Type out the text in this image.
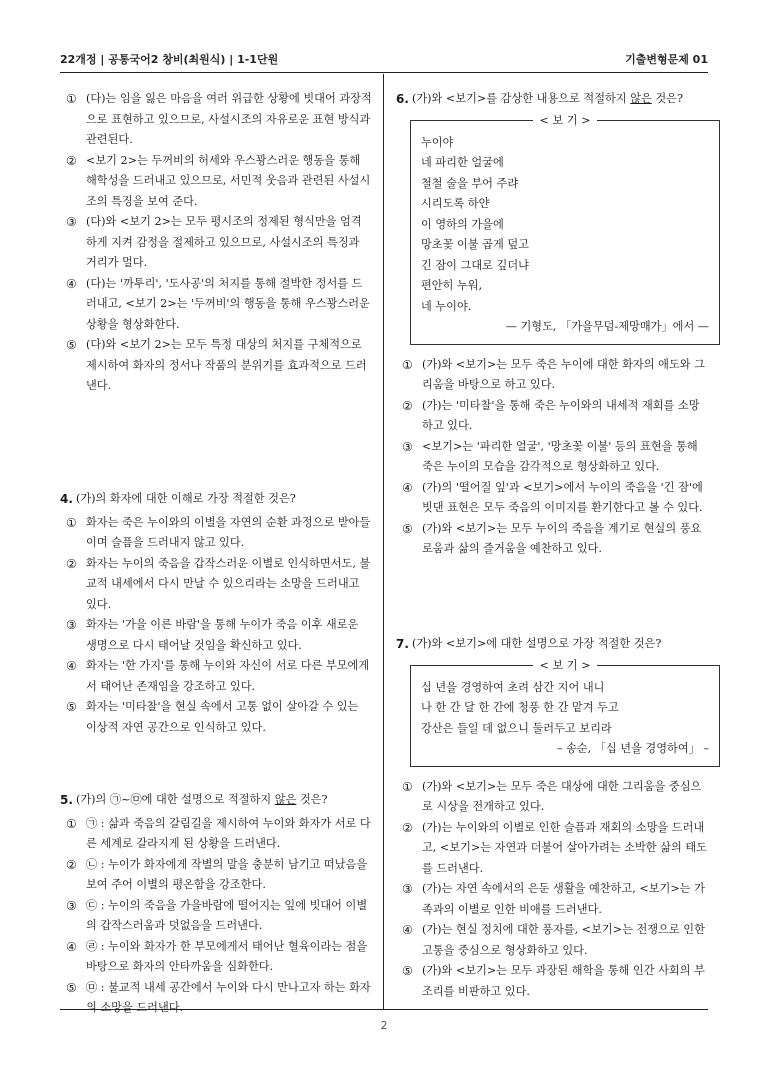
22개정 | 공통국어2 창비(최원식) | 1-1단원	기출변형문제 01
2

① (다)는 임을 잃은 마음을 여러 위급한 상황에 빗대어 과장적으로 표현하고 있으므로, 사설시조의 자유로운 표현 방식과 관련된다.

② <보기 2>는 두꺼비의 허세와 우스꽝스러운 행동을 통해 해학성을 드러내고 있으므로, 서민적 웃음과 관련된 사설시조의 특징을 보여 준다.

③ (다)와 <보기 2>는 모두 평시조의 정제된 형식만을 엄격하게 지켜 감정을 절제하고 있으므로, 사설시조의 특징과 거리가 멀다.

④ (다)는 '까투리', '도사공'의 처지를 통해 절박한 정서를 드러내고, <보기 2>는 '두꺼비'의 행동을 통해 우스꽝스러운 상황을 형상화한다.

⑤ (다)와 <보기 2>는 모두 특정 대상의 처지를 구체적으로 제시하여 화자의 정서나 작품의 분위기를 효과적으로 드러낸다.

4. (가)의 화자에 대한 이해로 가장 적절한 것은?

① 화자는 죽은 누이와의 이별을 자연의 순환 과정으로 받아들이며 슬픔을 드러내지 않고 있다.

② 화자는 누이의 죽음을 갑작스러운 이별로 인식하면서도, 불교적 내세에서 다시 만날 수 있으리라는 소망을 드러내고 있다.

③ 화자는 '가을 이른 바람'을 통해 누이가 죽음 이후 새로운 생명으로 다시 태어날 것임을 확신하고 있다.

④ 화자는 '한 가지'를 통해 누이와 자신이 서로 다른 부모에게서 태어난 존재임을 강조하고 있다.

⑤ 화자는 '미타찰'을 현실 속에서 고통 없이 살아갈 수 있는 이상적 자연 공간으로 인식하고 있다.

5. (가)의 ㉠~㉤에 대한 설명으로 적절하지 않은 것은?

① ㉠ : 삶과 죽음의 갈림길을 제시하여 누이와 화자가 서로 다른 세계로 갈라지게 된 상황을 드러낸다.

② ㉡ : 누이가 화자에게 작별의 말을 충분히 남기고 떠났음을 보여 주어 이별의 평온함을 강조한다.

③ ㉢ : 누이의 죽음을 가을바람에 떨어지는 잎에 빗대어 이별의 갑작스러움과 덧없음을 드러낸다.

④ ㉣ : 누이와 화자가 한 부모에게서 태어난 혈육이라는 점을 바탕으로 화자의 안타까움을 심화한다.

⑤ ㉤ : 불교적 내세 공간에서 누이와 다시 만나고자 하는 화자의 소망을 드러낸다.

6. (가)와 <보기>를 감상한 내용으로 적절하지 않은 것은?

< 보 기 >

누이야

네 파리한 얼굴에

철철 술을 부어 주랴

시리도록 하얀

이 영하의 가을에

망초꽃 이불 곱게 덮고

긴 잠이 그대로 깊더냐

편안히 누워,

네 누이야.

— 기형도, 「가을무덤-제망매가」에서 —

① (가)와 <보기>는 모두 죽은 누이에 대한 화자의 애도와 그리움을 바탕으로 하고 있다.

② (가)는 '미타찰'을 통해 죽은 누이와의 내세적 재회를 소망하고 있다.

③ <보기>는 '파리한 얼굴', '망초꽃 이불' 등의 표현을 통해 죽은 누이의 모습을 감각적으로 형상화하고 있다.

④ (가)의 '떨어질 잎'과 <보기>에서 누이의 죽음을 '긴 잠'에 빗댄 표현은 모두 죽음의 이미지를 환기한다고 볼 수 있다.

⑤ (가)와 <보기>는 모두 누이의 죽음을 계기로 현실의 풍요로움과 삶의 즐거움을 예찬하고 있다.

7. (가)와 <보기>에 대한 설명으로 가장 적절한 것은?

< 보 기 >

십 년을 경영하여 초려 삼간 지어 내니

나 한 간 달 한 간에 청풍 한 간 맡겨 두고

강산은 들일 데 없으니 둘러두고 보리라

– 송순, 「십 년을 경영하여」 –

① (가)와 <보기>는 모두 죽은 대상에 대한 그리움을 중심으로 시상을 전개하고 있다.

② (가)는 누이와의 이별로 인한 슬픔과 재회의 소망을 드러내고, <보기>는 자연과 더불어 살아가려는 소박한 삶의 태도를 드러낸다.

③ (가)는 자연 속에서의 은둔 생활을 예찬하고, <보기>는 가족과의 이별로 인한 비애를 드러낸다.

④ (가)는 현실 정치에 대한 풍자를, <보기>는 전쟁으로 인한 고통을 중심으로 형상화하고 있다.

⑤ (가)와 <보기>는 모두 과장된 해학을 통해 인간 사회의 부조리를 비판하고 있다.
